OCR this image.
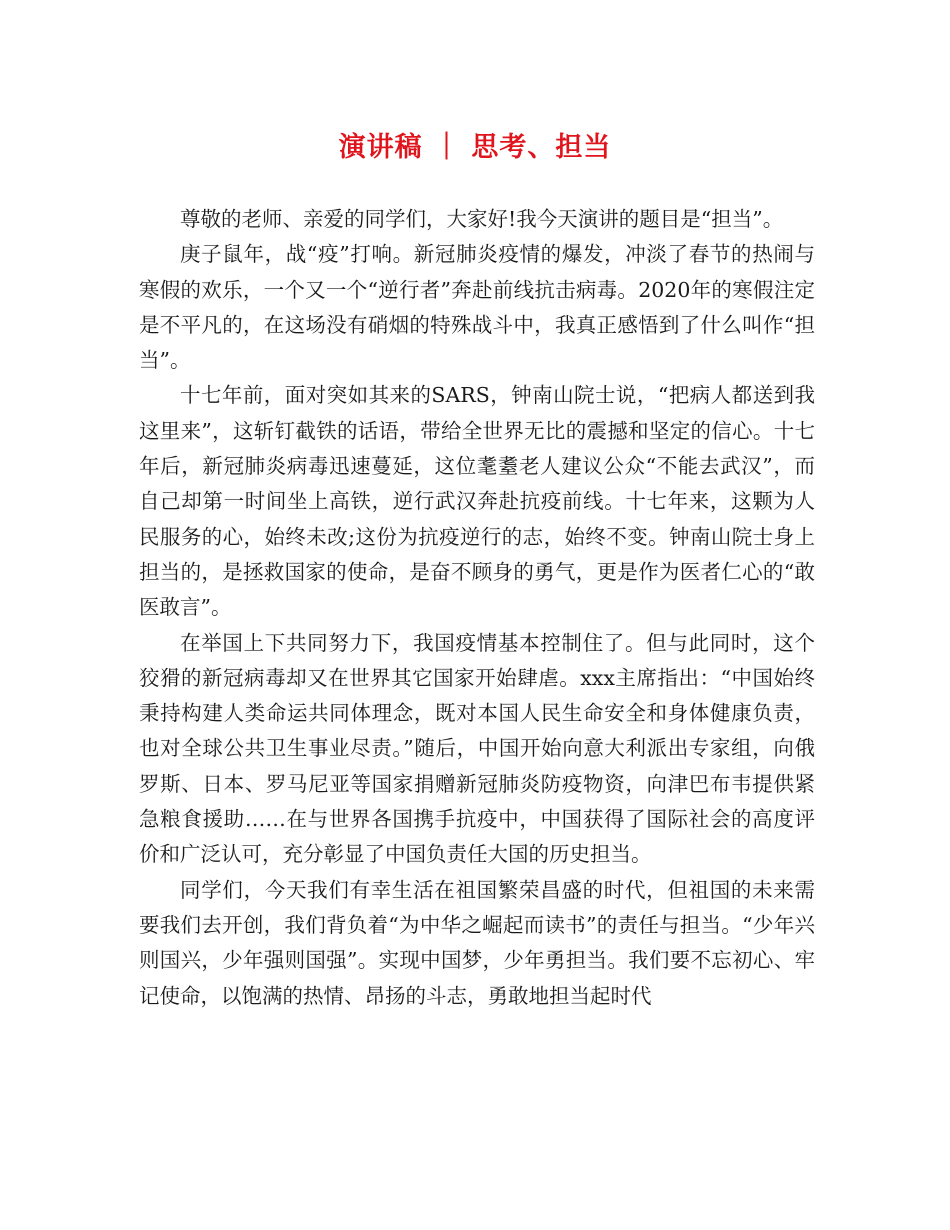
演讲稿 ｜ 思考、担当

尊敬的老师、亲爱的同学们，大家好!我今天演讲的题目是“担当”。

庚子鼠年，战“疫”打响。新冠肺炎疫情的爆发，冲淡了春节的热闹与寒假的欢乐，一个又一个“逆行者”奔赴前线抗击病毒。2020年的寒假注定是不平凡的，在这场没有硝烟的特殊战斗中，我真正感悟到了什么叫作“担当”。

十七年前，面对突如其来的SARS，钟南山院士说，“把病人都送到我这里来”，这斩钉截铁的话语，带给全世界无比的震撼和坚定的信心。十七年后，新冠肺炎病毒迅速蔓延，这位耄耋老人建议公众“不能去武汉”，而自己却第一时间坐上高铁，逆行武汉奔赴抗疫前线。十七年来，这颗为人民服务的心，始终未改;这份为抗疫逆行的志，始终不变。钟南山院士身上担当的，是拯救国家的使命，是奋不顾身的勇气，更是作为医者仁心的“敢医敢言”。

在举国上下共同努力下，我国疫情基本控制住了。但与此同时，这个狡猾的新冠病毒却又在世界其它国家开始肆虐。xxx主席指出：“中国始终秉持构建人类命运共同体理念，既对本国人民生命安全和身体健康负责，也对全球公共卫生事业尽责。”随后，中国开始向意大利派出专家组，向俄罗斯、日本、罗马尼亚等国家捐赠新冠肺炎防疫物资，向津巴布韦提供紧急粮食援助……在与世界各国携手抗疫中，中国获得了国际社会的高度评价和广泛认可，充分彰显了中国负责任大国的历史担当。

同学们，今天我们有幸生活在祖国繁荣昌盛的时代，但祖国的未来需要我们去开创，我们背负着“为中华之崛起而读书”的责任与担当。“少年兴则国兴，少年强则国强”。实现中国梦，少年勇担当。我们要不忘初心、牢记使命，以饱满的热情、昂扬的斗志，勇敢地担当起时代
